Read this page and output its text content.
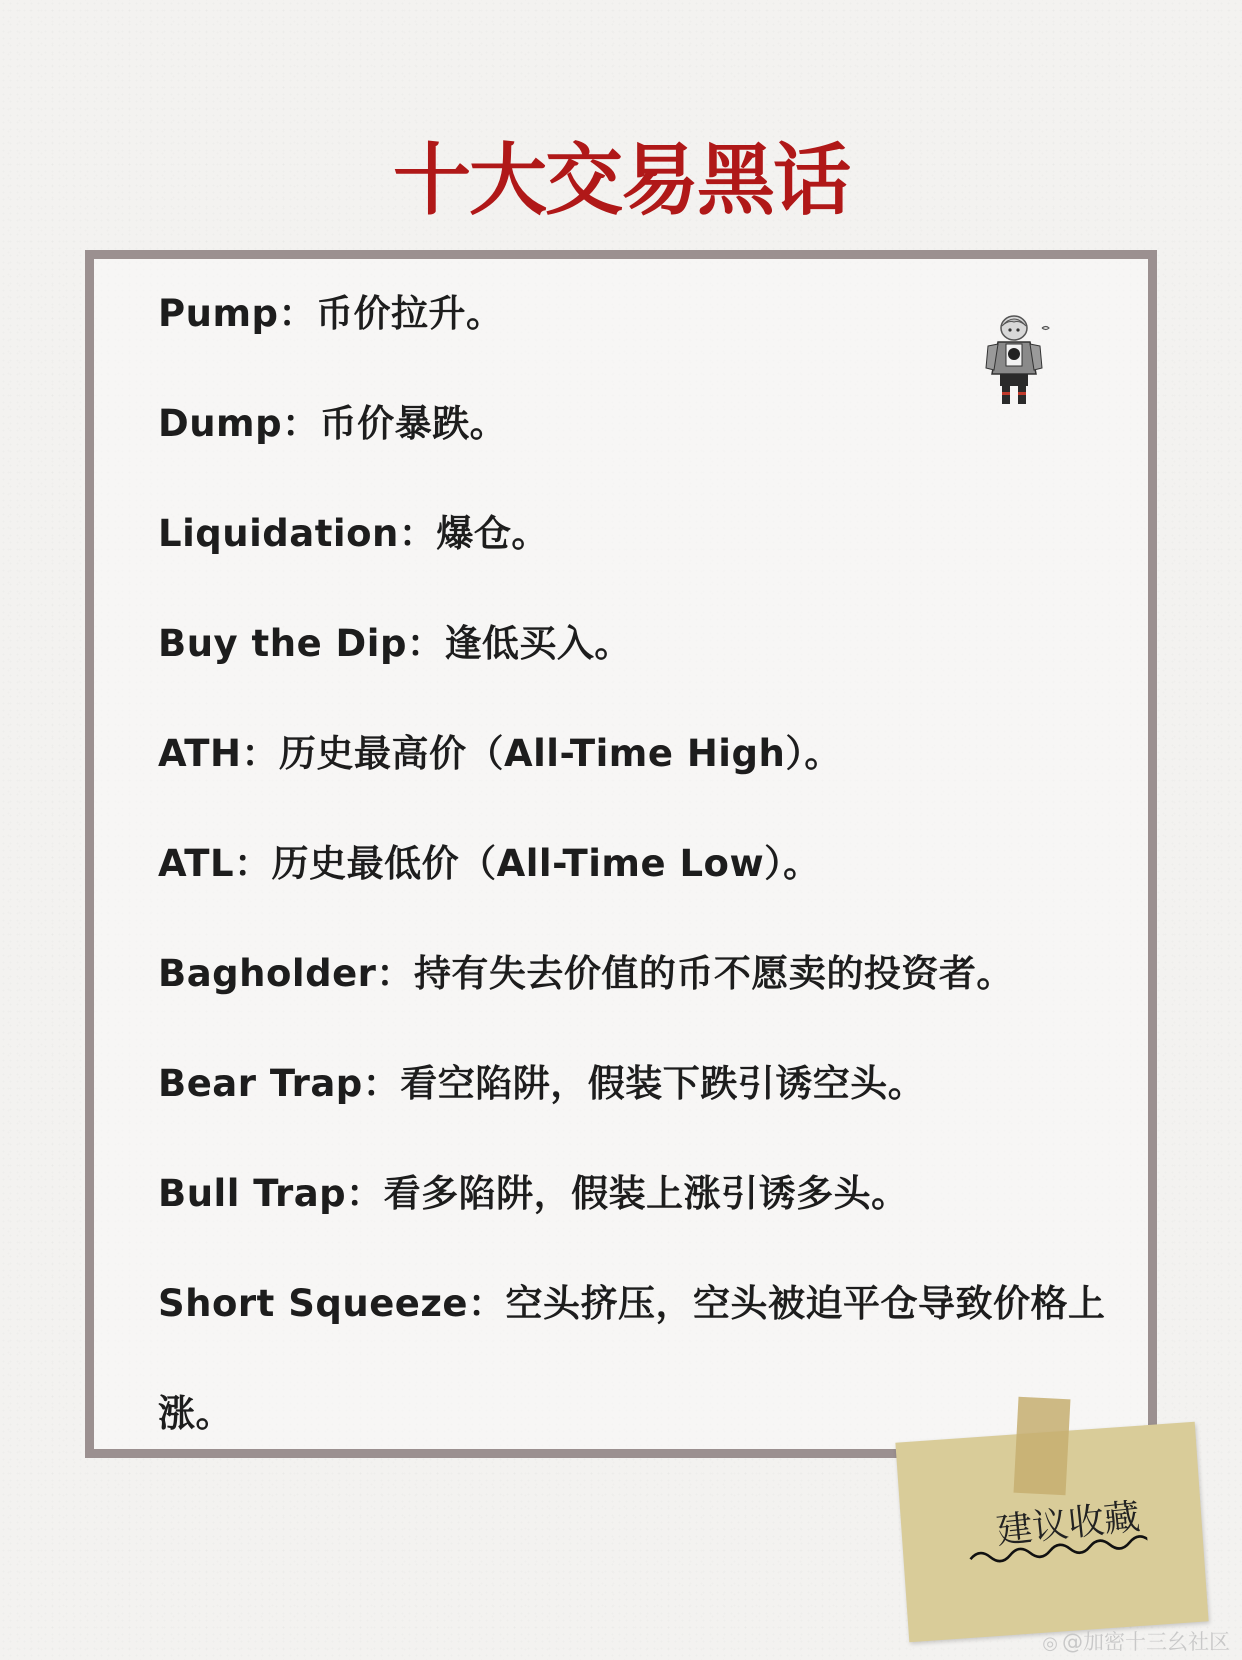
十大交易黑话
Pump：币价拉升。
Dump：币价暴跌。
Liquidation：爆仓。
Buy the Dip：逢低买入。
ATH：历史最高价（All-Time High）。
ATL：历史最低价（All-Time Low）。
Bagholder：持有失去价值的币不愿卖的投资者。
Bear Trap：看空陷阱，假装下跌引诱空头。
Bull Trap：看多陷阱，假装上涨引诱多头。
Short Squeeze：空头挤压，空头被迫平仓导致价格上涨。

建议收藏

◎ @加密十三幺社区
